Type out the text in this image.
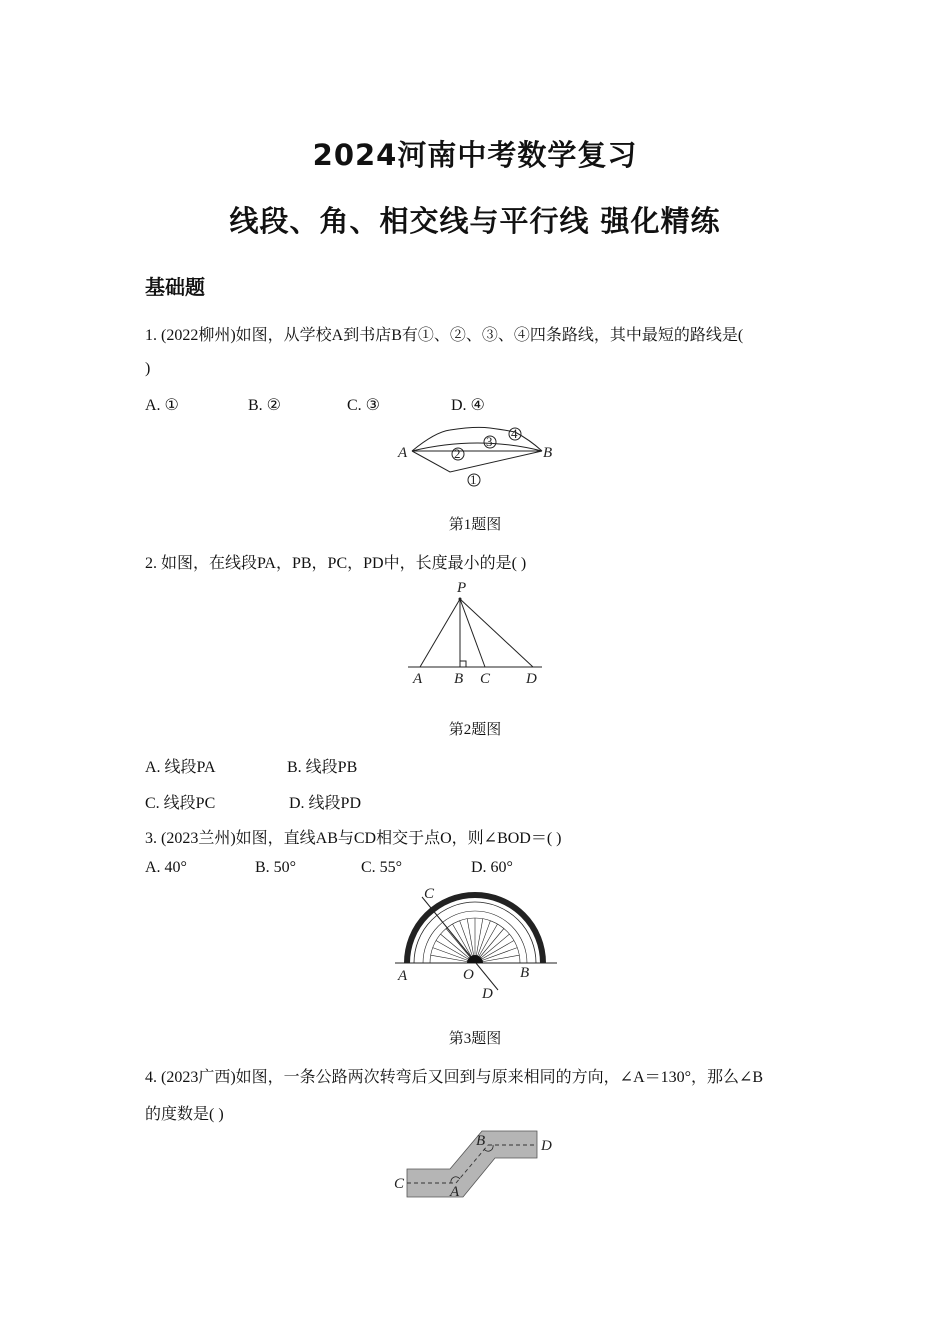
2024河南中考数学复习
线段、角、相交线与平行线 强化精练
基础题
1. (2022柳州)如图，从学校A到书店B有①、②、③、④四条路线，其中最短的路线是(
)
A. ①	B. ②	C. ③	D. ④
A	B
2
3
4
1
第1题图
2. 如图，在线段PA，PB，PC，PD中，长度最小的是( )
P
A B C D
第2题图
A. 线段PA	B. 线段PB
C. 线段PC	D. 线段PD
3. (2023兰州)如图，直线AB与CD相交于点O，则∠BOD＝( )
A. 40°	B. 50°	C. 55°	D. 60°
A	B
C
D
O
第3题图
4. (2023广西)如图，一条公路两次转弯后又回到与原来相同的方向，∠A＝130°，那么∠B
的度数是( )
C	A
B	D
